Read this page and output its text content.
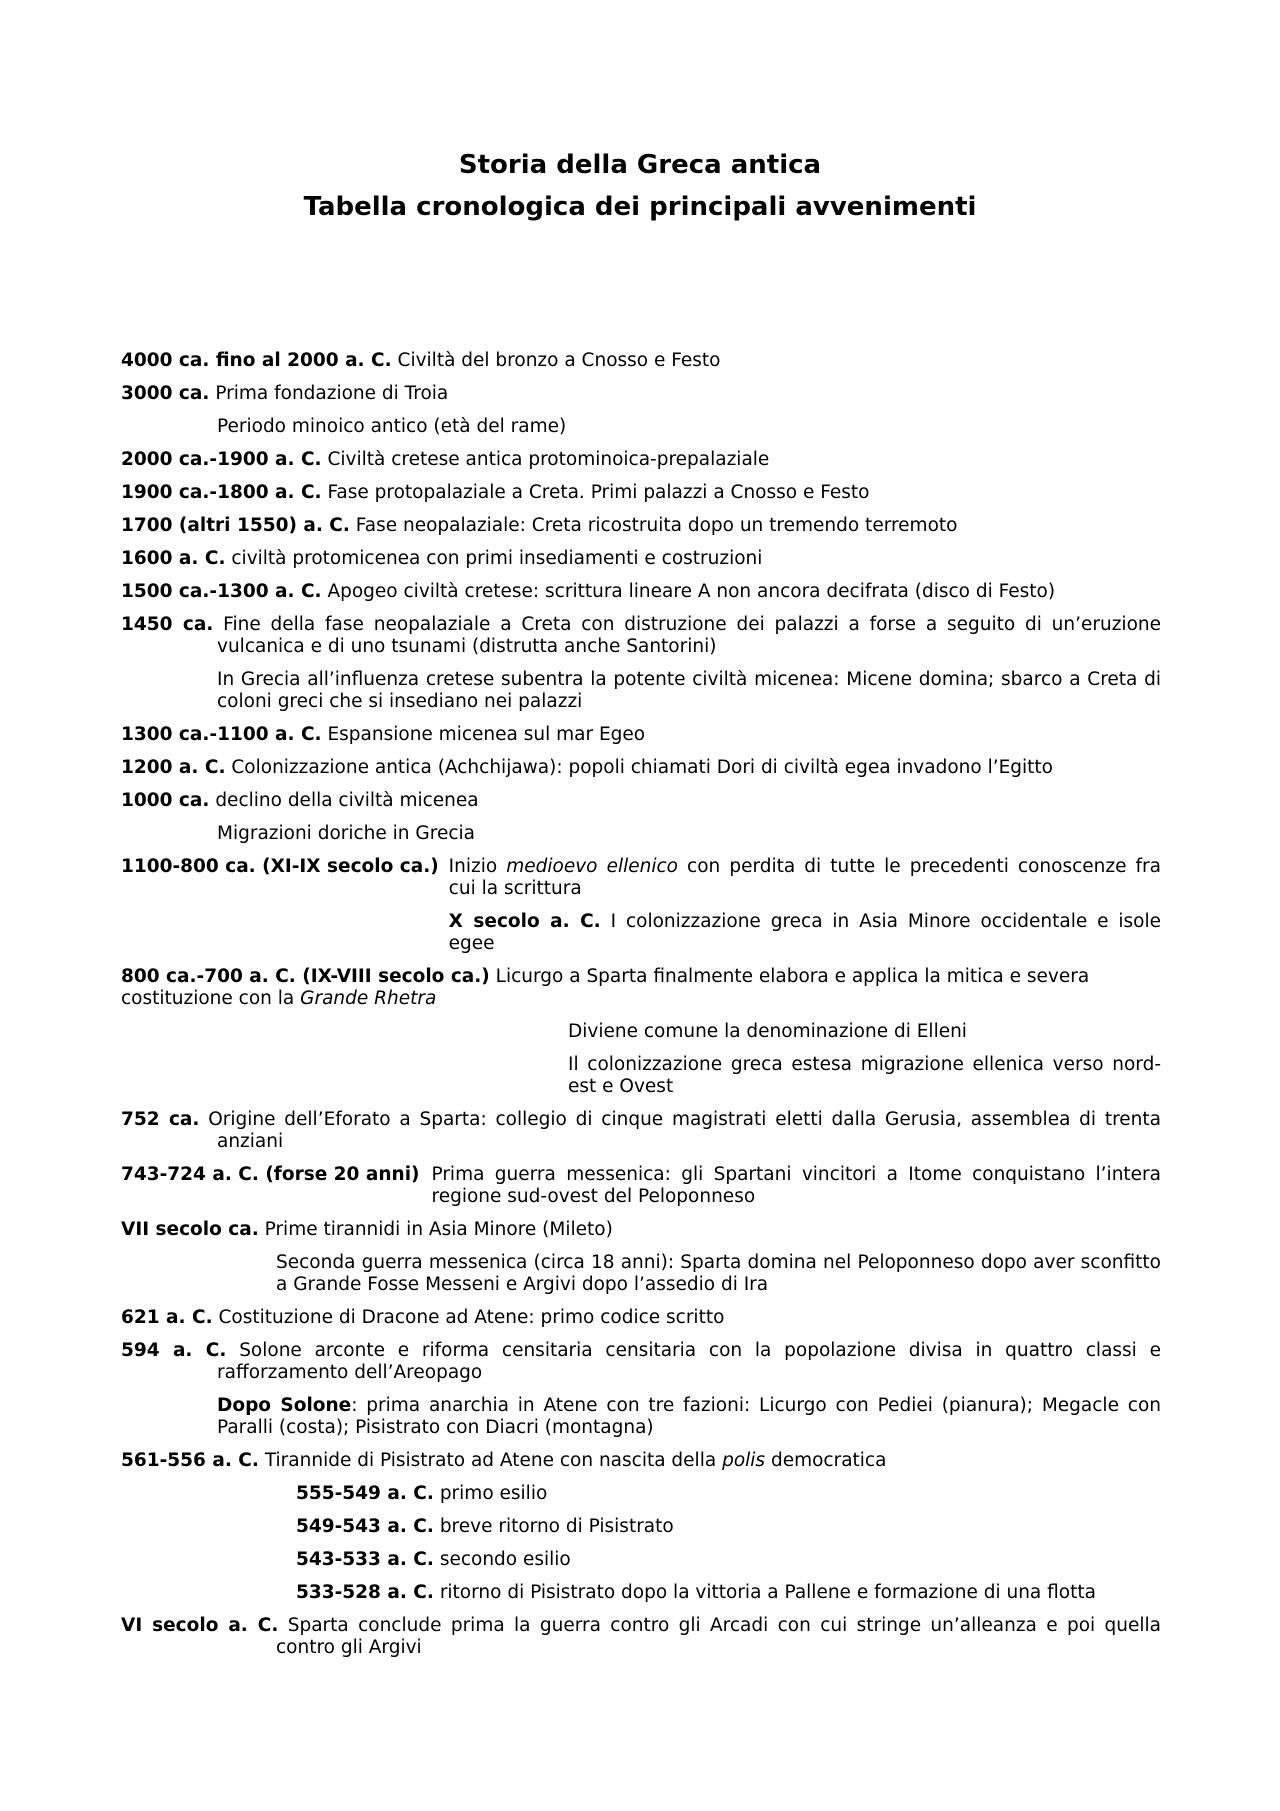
Storia della Greca antica
Tabella cronologica dei principali avvenimenti
4000 ca. fino al 2000 a. C. Civiltà del bronzo a Cnosso e Festo
3000 ca. Prima fondazione di Troia
Periodo minoico antico (età del rame)
2000 ca.-1900 a. C. Civiltà cretese antica protominoica-prepalaziale
1900 ca.-1800 a. C. Fase protopalaziale a Creta. Primi palazzi a Cnosso e Festo
1700 (altri 1550) a. C. Fase neopalaziale: Creta ricostruita dopo un tremendo terremoto
1600 a. C. civiltà protomicenea con primi insediamenti e costruzioni
1500 ca.-1300 a. C. Apogeo civiltà cretese: scrittura lineare A non ancora decifrata (disco di Festo)
1450 ca. Fine della fase neopalaziale a Creta con distruzione dei palazzi a forse a seguito di un’eruzione vulcanica e di uno tsunami (distrutta anche Santorini)
In Grecia all’influenza cretese subentra la potente civiltà micenea: Micene domina; sbarco a Creta di coloni greci che si insediano nei palazzi
1300 ca.-1100 a. C. Espansione micenea sul mar Egeo
1200 a. C. Colonizzazione antica (Achchijawa): popoli chiamati Dori di civiltà egea invadono l’Egitto
1000 ca. declino della civiltà micenea
Migrazioni doriche in Grecia
1100-800 ca. (XI-IX secolo ca.) Inizio medioevo ellenico con perdita di tutte le precedenti conoscenze fra cui la scrittura
X secolo a. C. I colonizzazione greca in Asia Minore occidentale e isole egee
800 ca.-700 a. C. (IX-VIII secolo ca.) Licurgo a Sparta finalmente elabora e applica la mitica e severa costituzione con la Grande Rhetra
Diviene comune la denominazione di Elleni
Il colonizzazione greca estesa migrazione ellenica verso nord-est e Ovest
752 ca. Origine dell’Eforato a Sparta: collegio di cinque magistrati eletti dalla Gerusia, assemblea di trenta anziani
743-724 a. C. (forse 20 anni) Prima guerra messenica: gli Spartani vincitori a Itome conquistano l’intera regione sud-ovest del Peloponneso
VII secolo ca. Prime tirannidi in Asia Minore (Mileto)
Seconda guerra messenica (circa 18 anni): Sparta domina nel Peloponneso dopo aver sconfitto a Grande Fosse Messeni e Argivi dopo l’assedio di Ira
621 a. C. Costituzione di Dracone ad Atene: primo codice scritto
594 a. C. Solone arconte e riforma censitaria censitaria con la popolazione divisa in quattro classi e rafforzamento dell’Areopago
Dopo Solone: prima anarchia in Atene con tre fazioni: Licurgo con Pediei (pianura); Megacle con Paralli (costa); Pisistrato con Diacri (montagna)
561-556 a. C. Tirannide di Pisistrato ad Atene con nascita della polis democratica
555-549 a. C. primo esilio
549-543 a. C. breve ritorno di Pisistrato
543-533 a. C. secondo esilio
533-528 a. C. ritorno di Pisistrato dopo la vittoria a Pallene e formazione di una flotta
VI secolo a. C. Sparta conclude prima la guerra contro gli Arcadi con cui stringe un’alleanza e poi quella contro gli Argivi
